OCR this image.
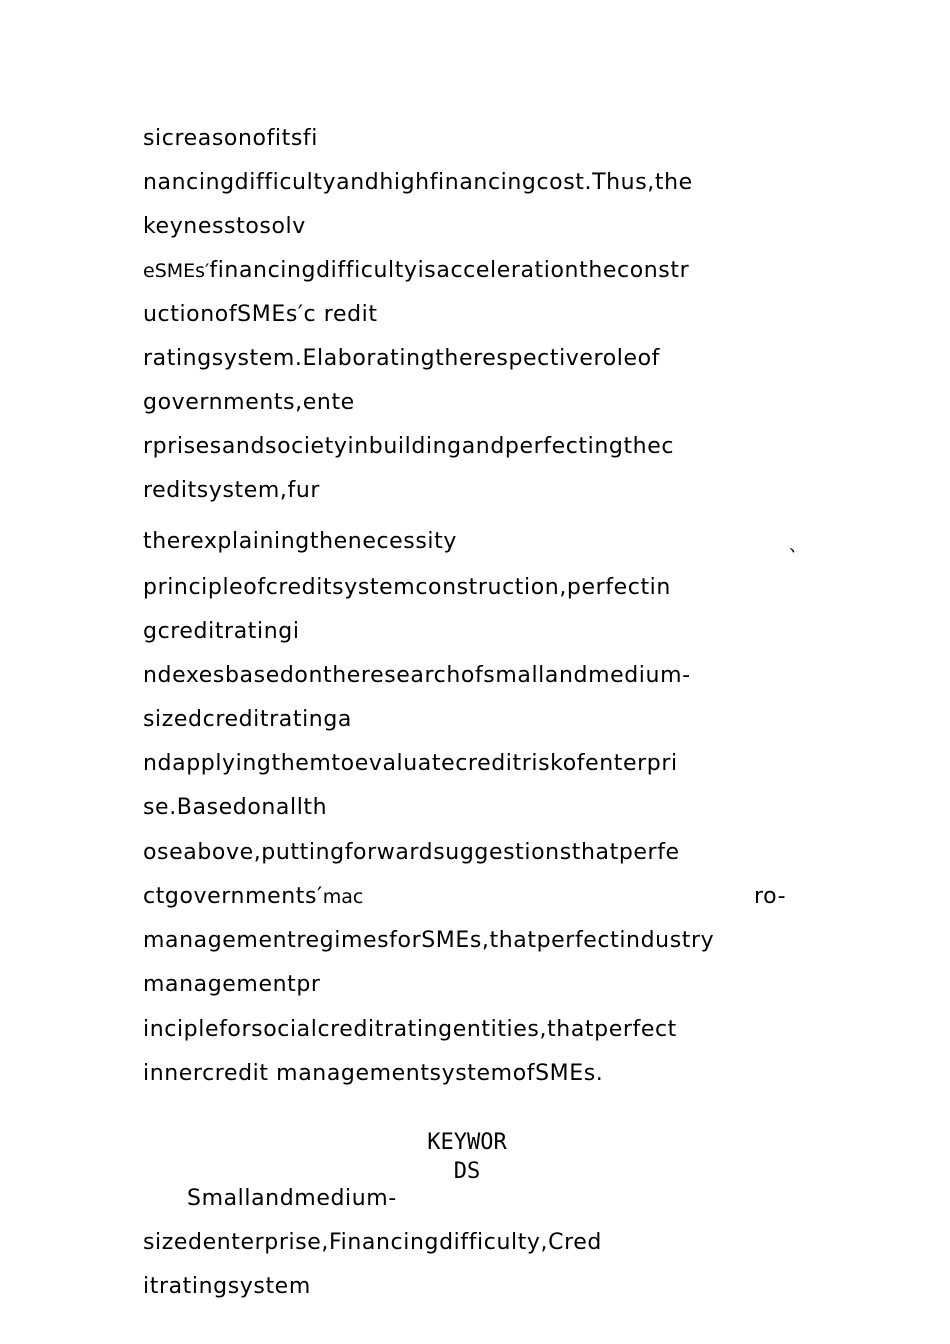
sicreasonofitsfi
nancingdifficultyandhighfinancingcost.Thus,the
keynesstosolv
eSMEs′financingdifficultyisaccelerationtheconstr
uctionofSMEs′c redit
ratingsystem.Elaboratingtherespectiveroleof
governments,ente
rprisesandsocietyinbuildingandperfectingthec
reditsystem,fur
therexplainingthenecessity	、
principleofcreditsystemconstruction,perfectin
gcreditratingi
ndexesbasedontheresearchofsmallandmedium-
sizedcreditratinga
ndapplyingthemtoevaluatecreditriskofenterpri
se.Basedonallth
oseabove,puttingforwardsuggestionsthatperfe
ctgovernments′mac	ro-
managementregimesforSMEs,thatperfectindustry
managementpr
incipleforsocialcreditratingentities,thatperfect
innercredit managementsystemofSMEs.
KEYWOR
DS
Smallandmedium-
sizedenterprise,Financingdifficulty,Cred
itratingsystem
